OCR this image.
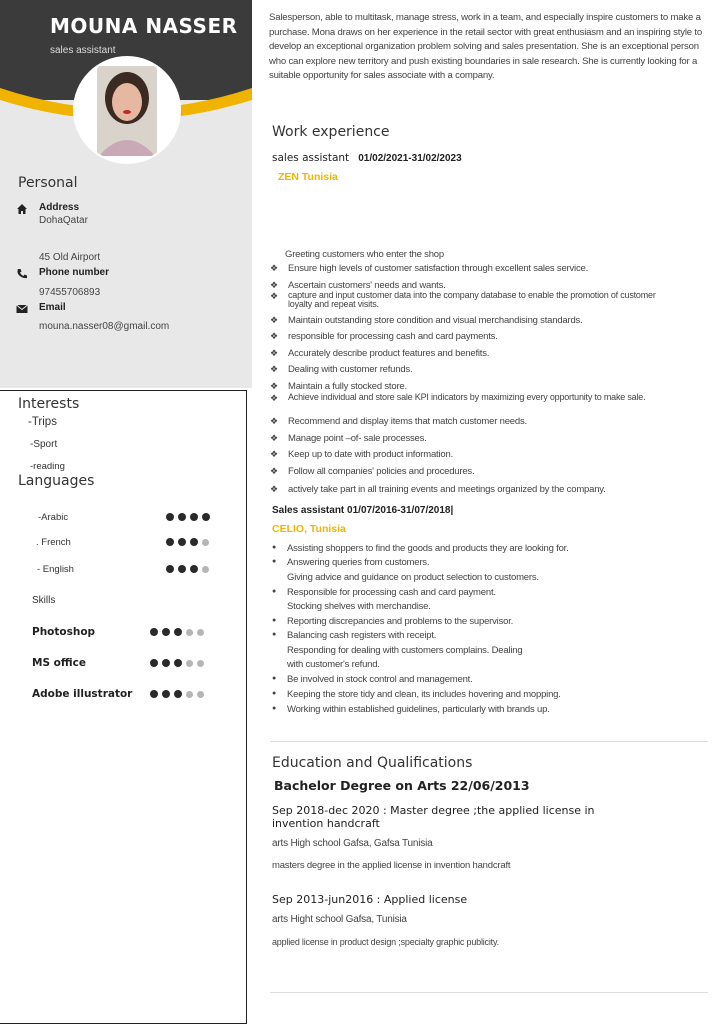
MOUNA NASSER
sales assistant
Personal
Address
DohaQatar
45 Old Airport
Phone number
97455706893
Email
mouna.nasser08@gmail.com
Interests
-Trips
-Sport
-reading
Languages
-Arabic
. French
- English
Skills
Photoshop
MS office
Adobe illustrator
Salesperson, able to multitask, manage stress, work in a team, and especially inspire customers to make a purchase. Mona draws on her experience in the retail sector with great enthusiasm and an inspiring style to develop an exceptional organization problem solving and sales presentation. She is an exceptional person who can explore new territory and push existing boundaries in sale research. She is currently looking for a suitable opportunity for sales associate with a company.
Work experience
sales assistant 01/02/2021-31/02/2023
ZEN Tunisia
Greeting customers who enter the shop
❖ Ensure high levels of customer satisfaction through excellent sales service.
❖ Ascertain customers' needs and wants.
❖ capture and input customer data into the company database to enable the promotion of customer loyalty and repeat visits.
❖ Maintain outstanding store condition and visual merchandising standards.
❖ responsible for processing cash and card payments.
❖ Accurately describe product features and benefits.
❖ Dealing with customer refunds.
❖ Maintain a fully stocked store.
❖ Achieve individual and store sale KPI indicators by maximizing every opportunity to make sale.
❖ Recommend and display items that match customer needs.
❖ Manage point –of- sale processes.
❖ Keep up to date with product information.
❖ Follow all companies' policies and procedures.
❖ actively take part in all training events and meetings organized by the company.
Sales assistant 01/07/2016-31/07/2018|
CELIO, Tunisia
● Assisting shoppers to find the goods and products they are looking for.
● Answering queries from customers.
Giving advice and guidance on product selection to customers.
● Responsible for processing cash and card payment.
Stocking shelves with merchandise.
● Reporting discrepancies and problems to the supervisor.
● Balancing cash registers with receipt.
Responding for dealing with customers complains. Dealing
with customer's refund.
● Be involved in stock control and management.
● Keeping the store tidy and clean, its includes hovering and mopping.
● Working within established guidelines, particularly with brands up.
Education and Qualifications
Bachelor Degree on Arts 22/06/2013
Sep 2018-dec 2020 : Master degree ;the applied license in invention handcraft
arts High school Gafsa, Gafsa Tunisia
masters degree in the applied license in invention handcraft
Sep 2013-jun2016 : Applied license
arts Hight school Gafsa, Tunisia
applied license in product design ;specialty graphic publicity.
